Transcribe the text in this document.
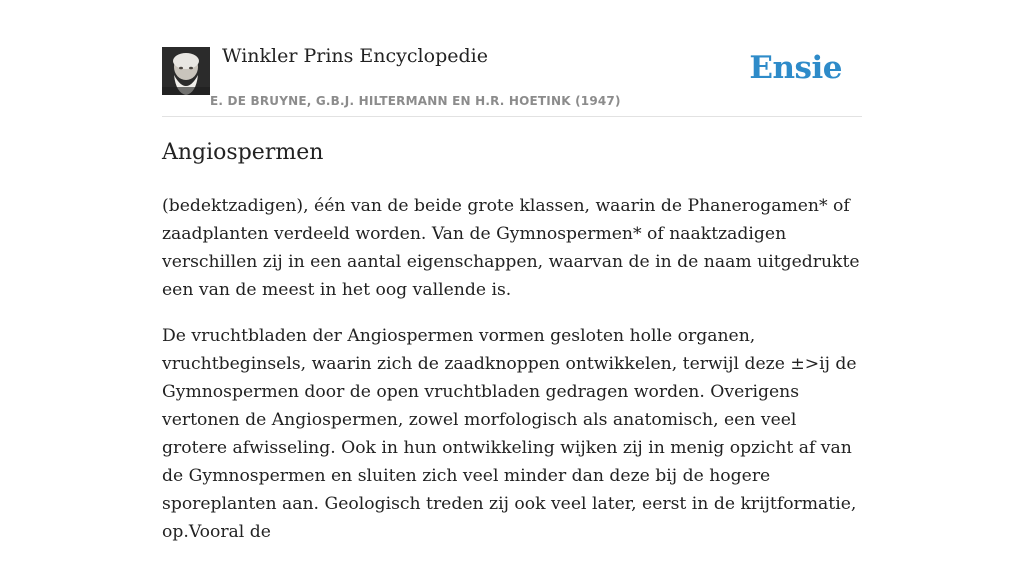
Winkler Prins Encyclopedie
E. DE BRUYNE, G.B.J. HILTERMANN EN H.R. HOETINK (1947)
Ensie
Angiospermen

(bedektzadigen), één van de beide grote klassen, waarin de Phanerogamen* of zaadplanten verdeeld worden. Van de Gymnospermen* of naaktzadigen verschillen zij in een aantal eigenschappen, waarvan de in de naam uitgedrukte een van de meest in het oog vallende is.

De vruchtbladen der Angiospermen vormen gesloten holle organen, vruchtbeginsels, waarin zich de zaadknoppen ontwikkelen, terwijl deze ±>ij de Gymnospermen door de open vruchtbladen gedragen worden. Overigens vertonen de Angiospermen, zowel morfologisch als anatomisch, een veel grotere afwisseling. Ook in hun ontwikkeling wijken zij in menig opzicht af van de Gymnospermen en sluiten zich veel minder dan deze bij de hogere sporeplanten aan. Geologisch treden zij ook veel later, eerst in de krijtformatie, op.Vooral de
